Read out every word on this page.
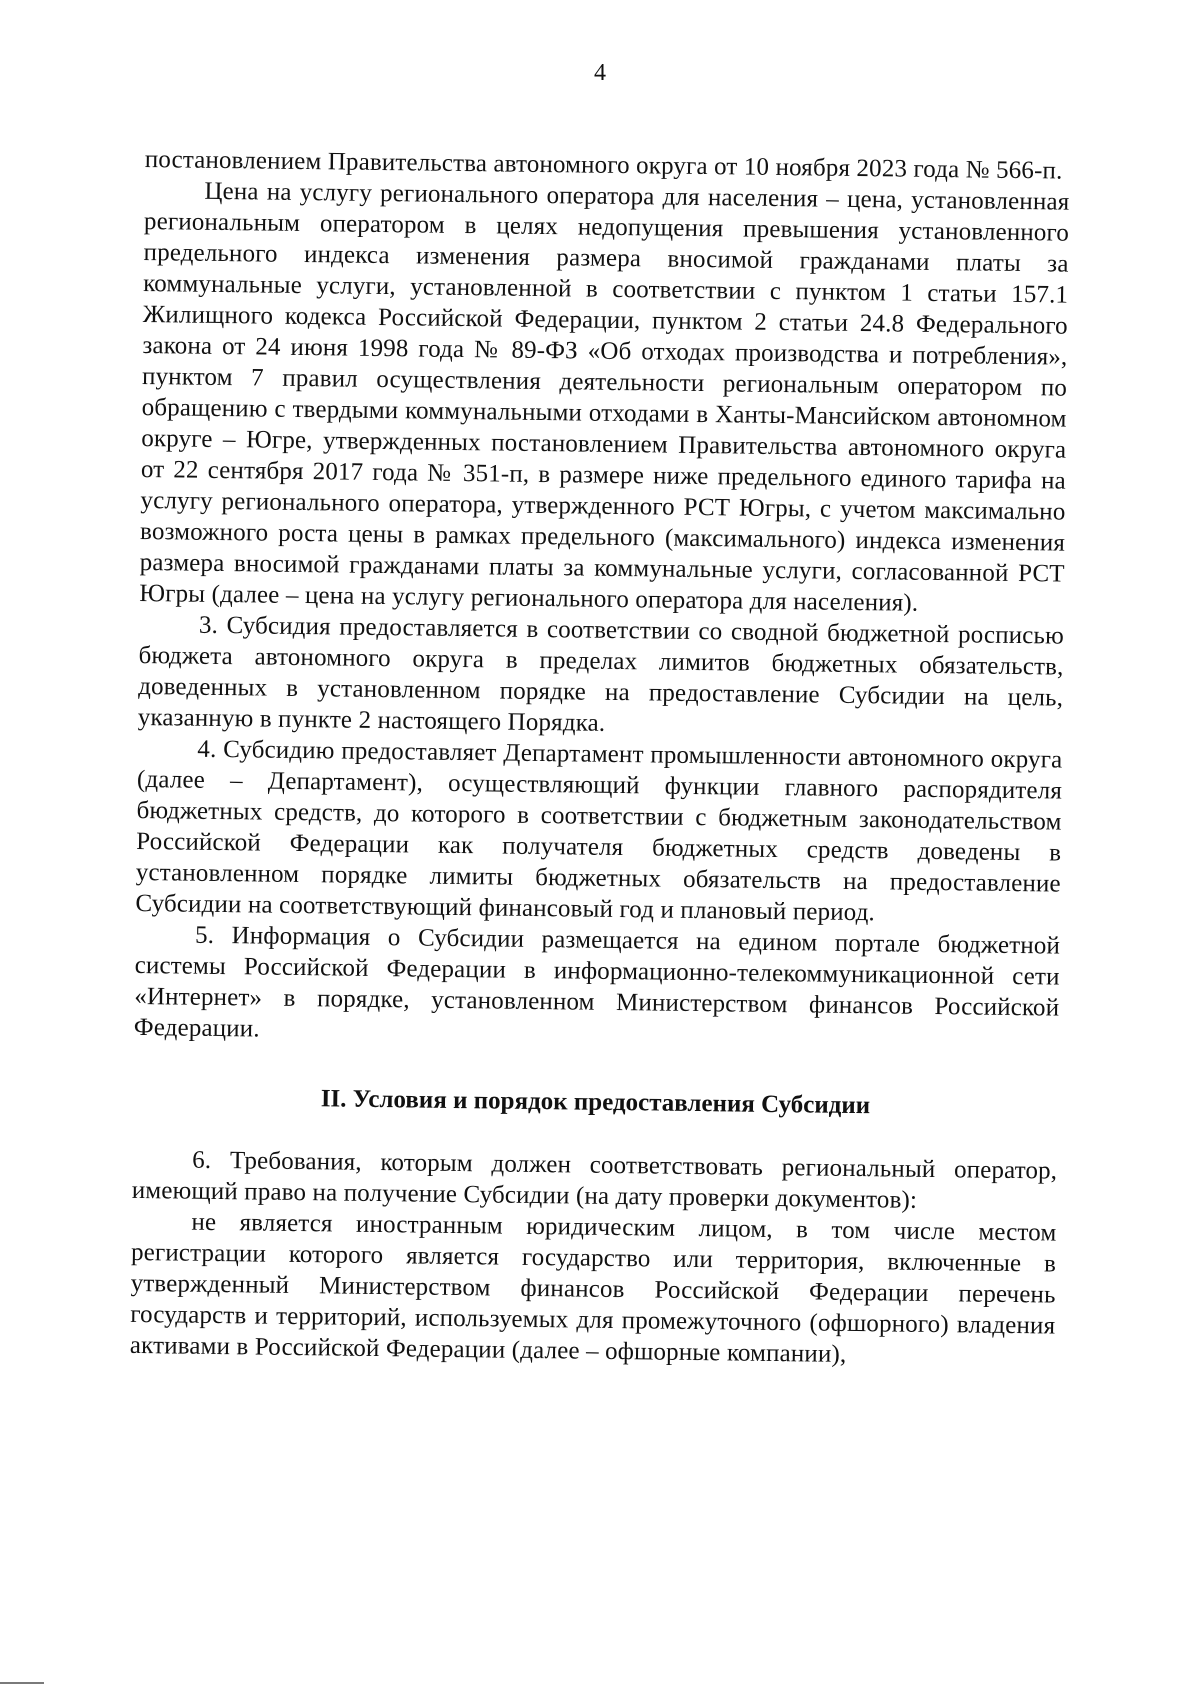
4

постановлением Правительства автономного округа от 10 ноября 2023 года № 566-п.

Цена на услугу регионального оператора для населения – цена, установленная региональным оператором в целях недопущения превышения установленного предельного индекса изменения размера вносимой гражданами платы за коммунальные услуги, установленной в соответствии с пунктом 1 статьи 157.1 Жилищного кодекса Российской Федерации, пунктом 2 статьи 24.8 Федерального закона от 24 июня 1998 года № 89-ФЗ «Об отходах производства и потребления», пунктом 7 правил осуществления деятельности региональным оператором по обращению с твердыми коммунальными отходами в Ханты-Мансийском автономном округе – Югре, утвержденных постановлением Правительства автономного округа от 22 сентября 2017 года № 351-п, в размере ниже предельного единого тарифа на услугу регионального оператора, утвержденного РСТ Югры, с учетом максимально возможного роста цены в рамках предельного (максимального) индекса изменения размера вносимой гражданами платы за коммунальные услуги, согласованной РСТ Югры (далее – цена на услугу регионального оператора для населения).

3. Субсидия предоставляется в соответствии со сводной бюджетной росписью бюджета автономного округа в пределах лимитов бюджетных обязательств, доведенных в установленном порядке на предоставление Субсидии на цель, указанную в пункте 2 настоящего Порядка.

4. Субсидию предоставляет Департамент промышленности автономного округа (далее – Департамент), осуществляющий функции главного распорядителя бюджетных средств, до которого в соответствии с бюджетным законодательством Российской Федерации как получателя бюджетных средств доведены в установленном порядке лимиты бюджетных обязательств на предоставление Субсидии на соответствующий финансовый год и плановый период.

5. Информация о Субсидии размещается на едином портале бюджетной системы Российской Федерации в информационно-телекоммуникационной сети «Интернет» в порядке, установленном Министерством финансов Российской Федерации.

II. Условия и порядок предоставления Субсидии

6. Требования, которым должен соответствовать региональный оператор, имеющий право на получение Субсидии (на дату проверки документов):

не является иностранным юридическим лицом, в том числе местом регистрации которого является государство или территория, включенные в утвержденный Министерством финансов Российской Федерации перечень государств и территорий, используемых для промежуточного (офшорного) владения активами в Российской Федерации (далее – офшорные компании),
